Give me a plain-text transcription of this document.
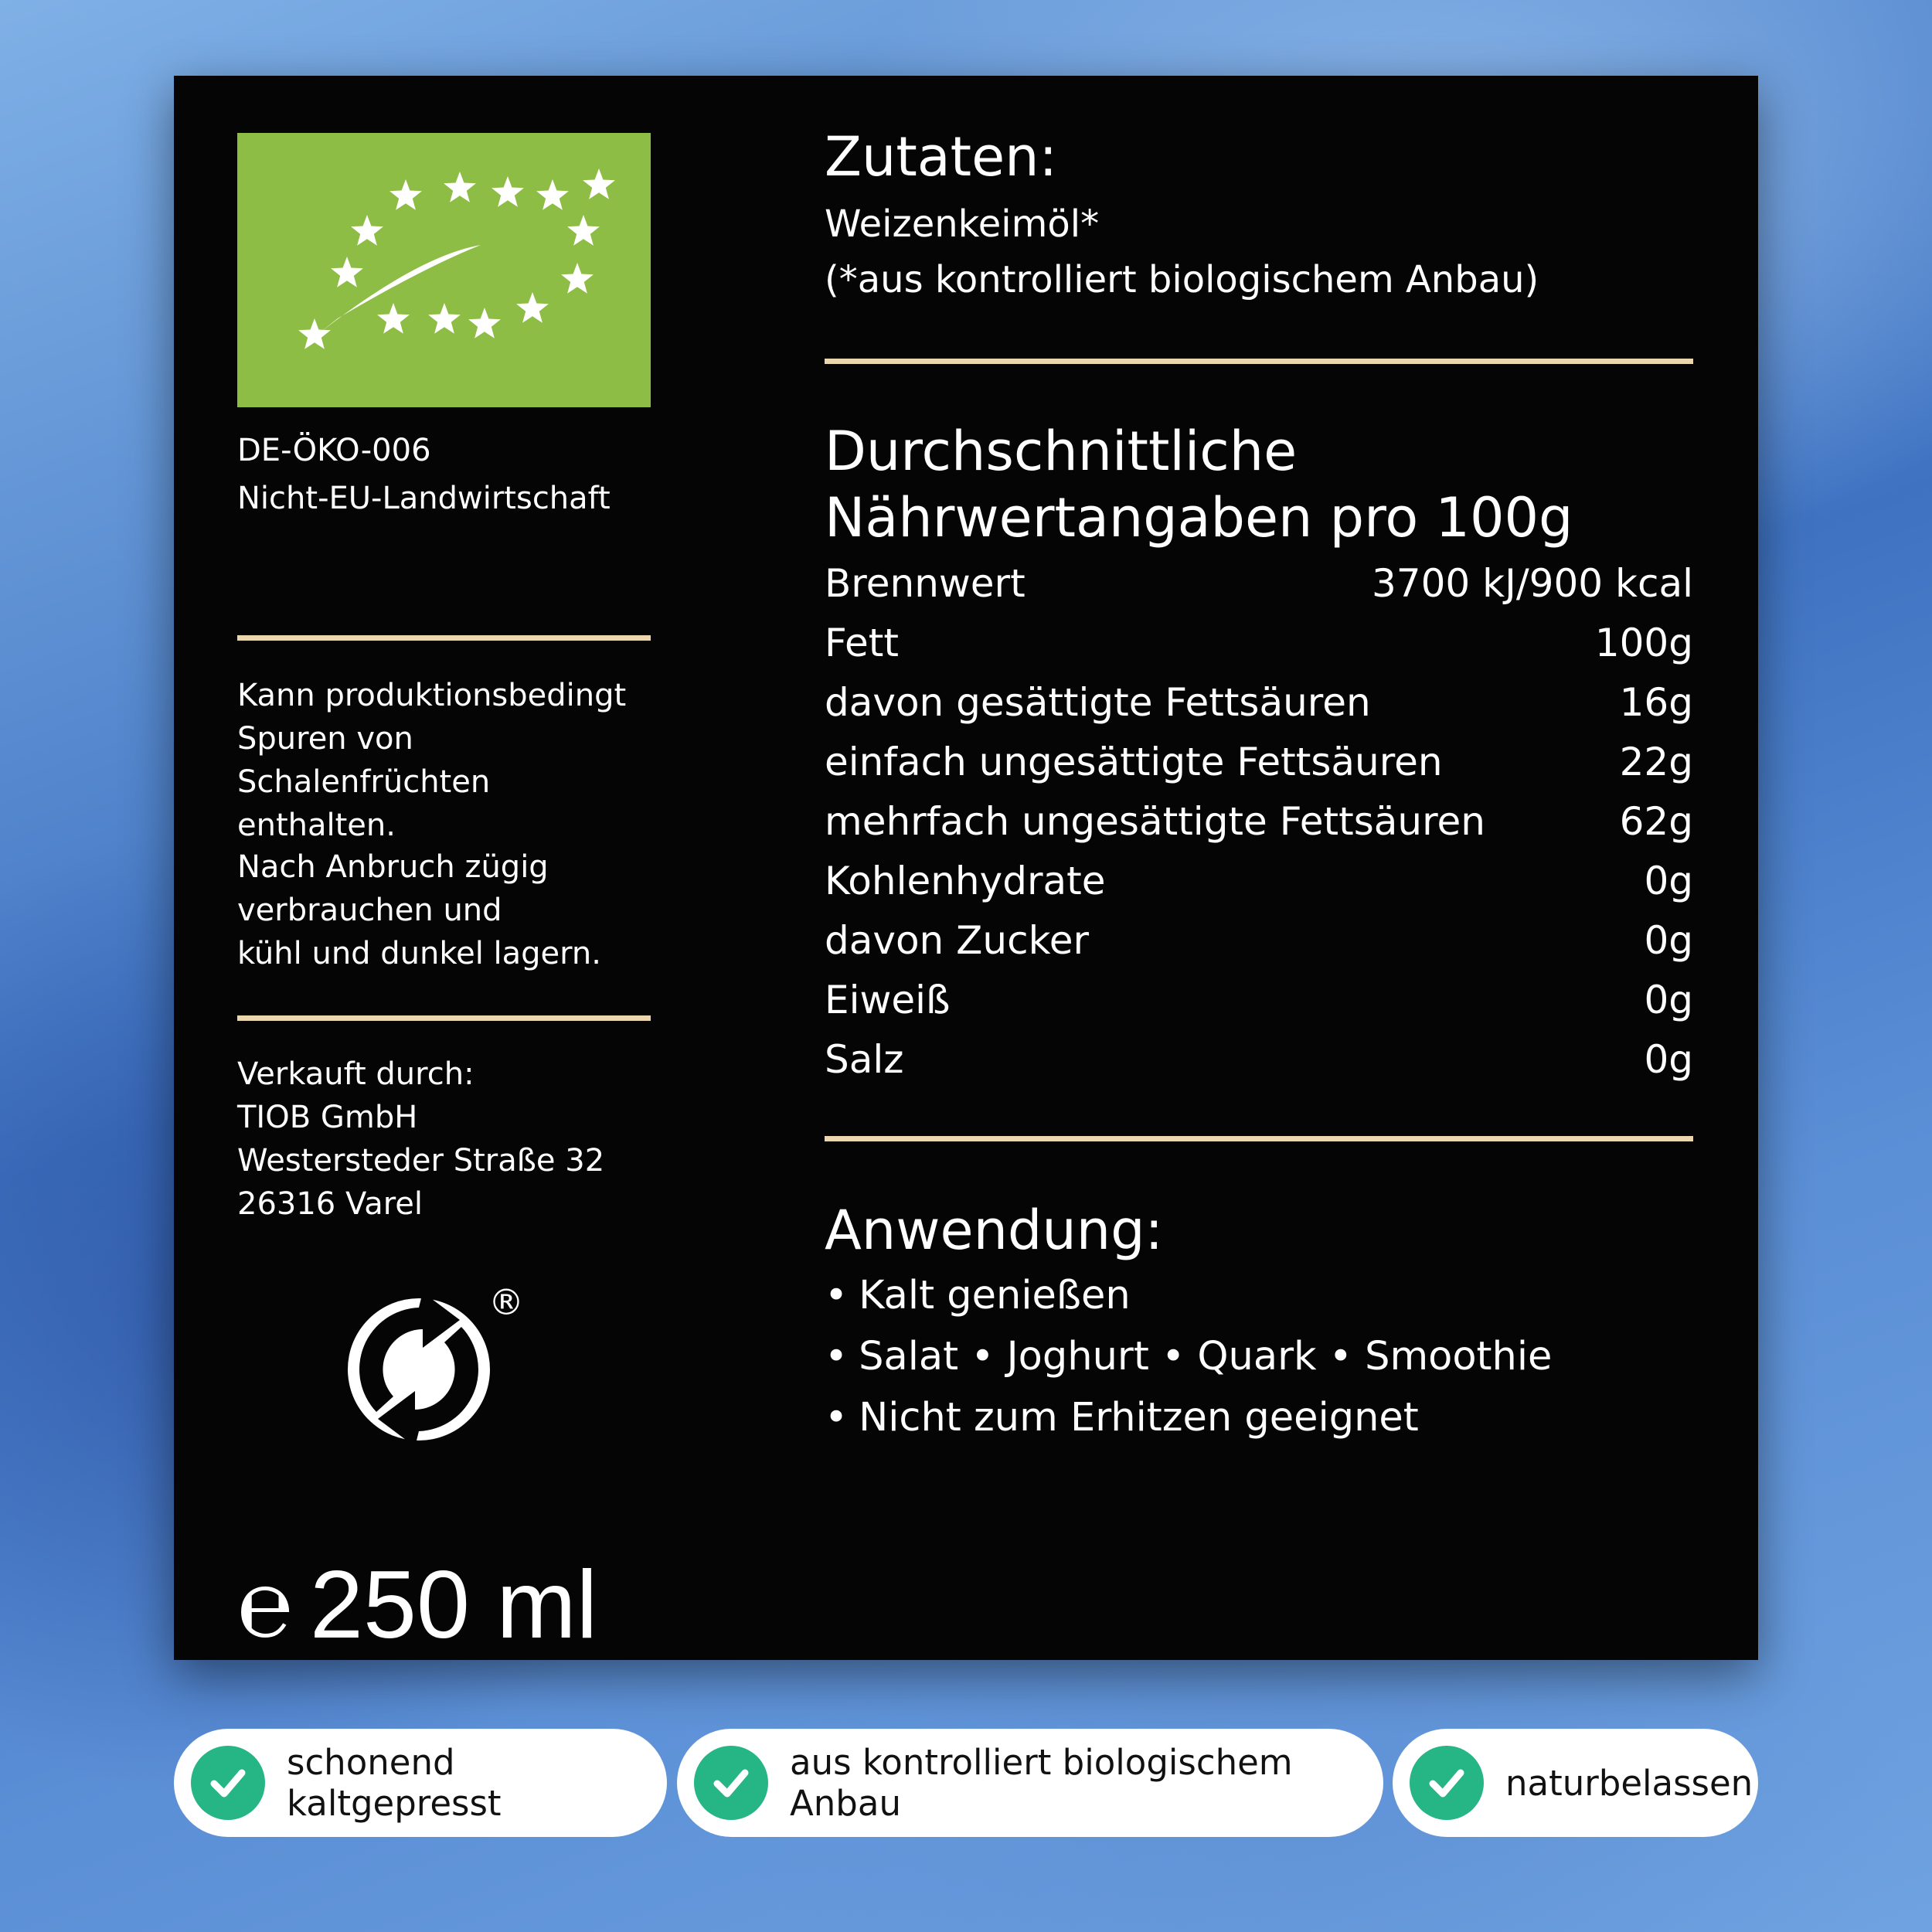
DE-ÖKO-006

Nicht-EU-Landwirtschaft

Kann produktionsbedingt

Spuren von Schalenfrüchten

enthalten.

Nach Anbruch zügig

verbrauchen und

kühl und dunkel lagern.

Verkauft durch:

TIOB GmbH

Westersteder Straße 32

26316 Varel

®
℮ 250 ml
Zutaten:

Weizenkeimöl*

(*aus kontrolliert biologischem Anbau)

Durchschnittliche
Nährwertangaben pro 100g
Brennwert	3700 kJ/900 kcal
Fett	100g
davon gesättigte Fettsäuren	16g
einfach ungesättigte Fettsäuren	22g
mehrfach ungesättigte Fettsäuren	62g
Kohlenhydrate	0g
davon Zucker	0g
Eiweiß	0g
Salz	0g
Anwendung:

• Kalt genießen

• Salat • Joghurt • Quark • Smoothie

• Nicht zum Erhitzen geeignet

schonend kaltgepresst
aus kontrolliert biologischem Anbau	naturbelassen
